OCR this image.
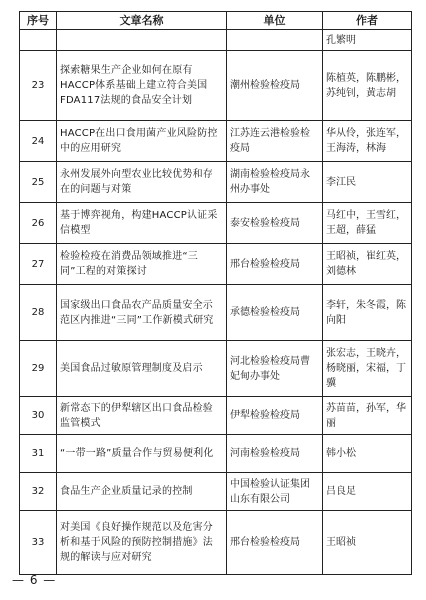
序号	文章名称	单位	作者
			孔繁明
23	探索糖果生产企业如何在原有HACCP体系基础上建立符合美国FDA117法规的食品安全计划	潮州检验检疫局	陈植英，陈鹏彬，苏纯钊，黄志胡
24	HACCP在出口食用菌产业风险防控中的应用研究	江苏连云港检验检疫局	华从伶，张连军，王海涛，林海
25	永州发展外向型农业比较优势和存在的问题与对策	湖南检验检疫局永州办事处	李江民
26	基于博弈视角，构建HACCP认证采信模型	泰安检验检疫局	马红中，王雪红，王超，薛猛
27	检验检疫在消费品领域推进“三同”工程的对策探讨	邢台检验检疫局	王昭祯，崔红英，刘德林
28	国家级出口食品农产品质量安全示范区内推进“三同”工作新模式研究	承德检验检疫局	李轩，朱冬霞，陈向阳
29	美国食品过敏原管理制度及启示	河北检验检疫局曹妃甸办事处	张宏志，王晓卉，杨晓丽，宋福，丁骥
30	新常态下的伊犁辖区出口食品检验监管模式	伊犁检验检疫局	苏苗苗，孙军，华丽
31	“一带一路”质量合作与贸易便利化	河南检验检疫局	韩小松
32	食品生产企业质量记录的控制	中国检验认证集团山东有限公司	吕良足
33	对美国《良好操作规范以及危害分析和基于风险的预防控制措施》法规的解读与应对研究	邢台检验检疫局	王昭祯
— 6 —
